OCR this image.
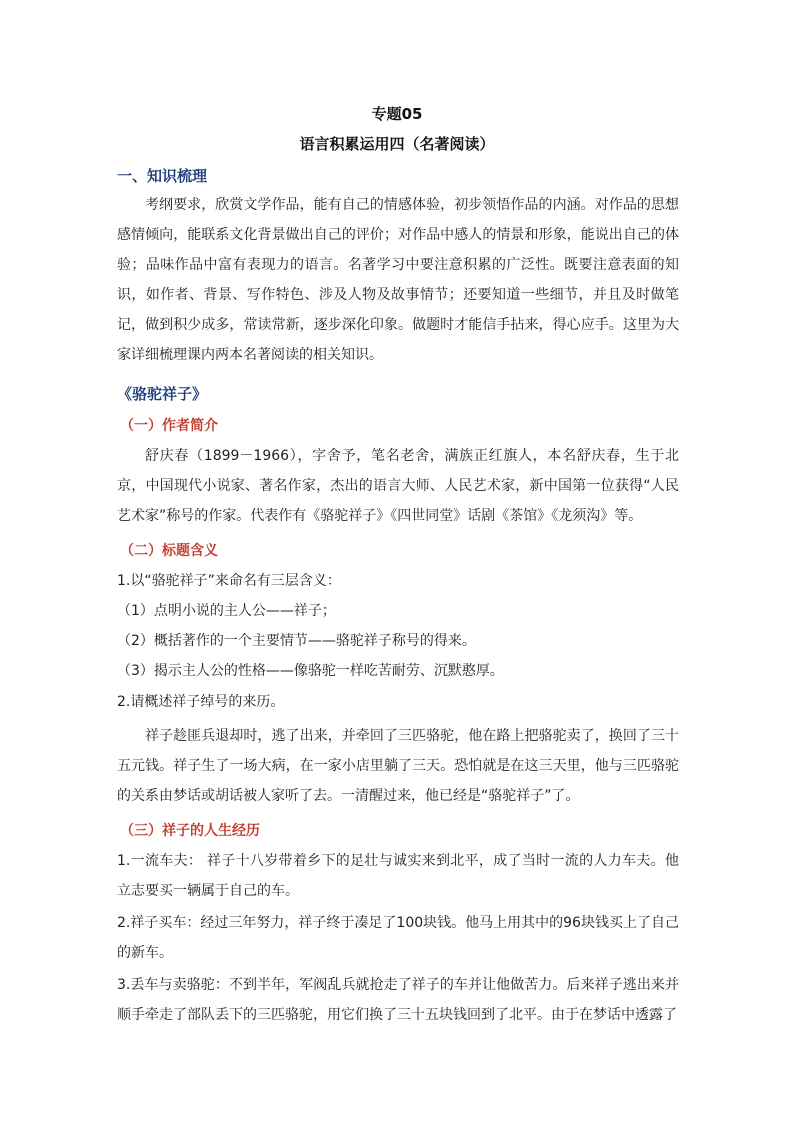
专题05
语言积累运用四（名著阅读）
一、知识梳理
考纲要求，欣赏文学作品，能有自己的情感体验，初步领悟作品的内涵。对作品的思想感情倾向，能联系文化背景做出自己的评价；对作品中感人的情景和形象，能说出自己的体验；品味作品中富有表现力的语言。名著学习中要注意积累的广泛性。既要注意表面的知识，如作者、背景、写作特色、涉及人物及故事情节；还要知道一些细节，并且及时做笔记，做到积少成多，常读常新，逐步深化印象。做题时才能信手拈来，得心应手。这里为大家详细梳理课内两本名著阅读的相关知识。
《骆驼祥子》
（一）作者简介
舒庆春（1899－1966），字舍予，笔名老舍，满族正红旗人，本名舒庆春，生于北京，中国现代小说家、著名作家，杰出的语言大师、人民艺术家，新中国第一位获得“人民艺术家”称号的作家。代表作有《骆驼祥子》《四世同堂》话剧《茶馆》《龙须沟》等。
（二）标题含义
1.以“骆驼祥子”来命名有三层含义：
（1）点明小说的主人公——祥子；
（2）概括著作的一个主要情节——骆驼祥子称号的得来。
（3）揭示主人公的性格——像骆驼一样吃苦耐劳、沉默憨厚。
2.请概述祥子绰号的来历。
祥子趁匪兵退却时，逃了出来，并牵回了三匹骆驼，他在路上把骆驼卖了，换回了三十五元钱。祥子生了一场大病，在一家小店里躺了三天。恐怕就是在这三天里，他与三匹骆驼的关系由梦话或胡话被人家听了去。一清醒过来，他已经是“骆驼祥子”了。
（三）祥子的人生经历
1.一流车夫： 祥子十八岁带着乡下的足壮与诚实来到北平，成了当时一流的人力车夫。他立志要买一辆属于自己的车。
2.祥子买车：经过三年努力，祥子终于凑足了100块钱。他马上用其中的96块钱买上了自己的新车。
3.丢车与卖骆驼：不到半年，军阀乱兵就抢走了祥子的车并让他做苦力。后来祥子逃出来并顺手牵走了部队丢下的三匹骆驼，用它们换了三十五块钱回到了北平。由于在梦话中透露了
